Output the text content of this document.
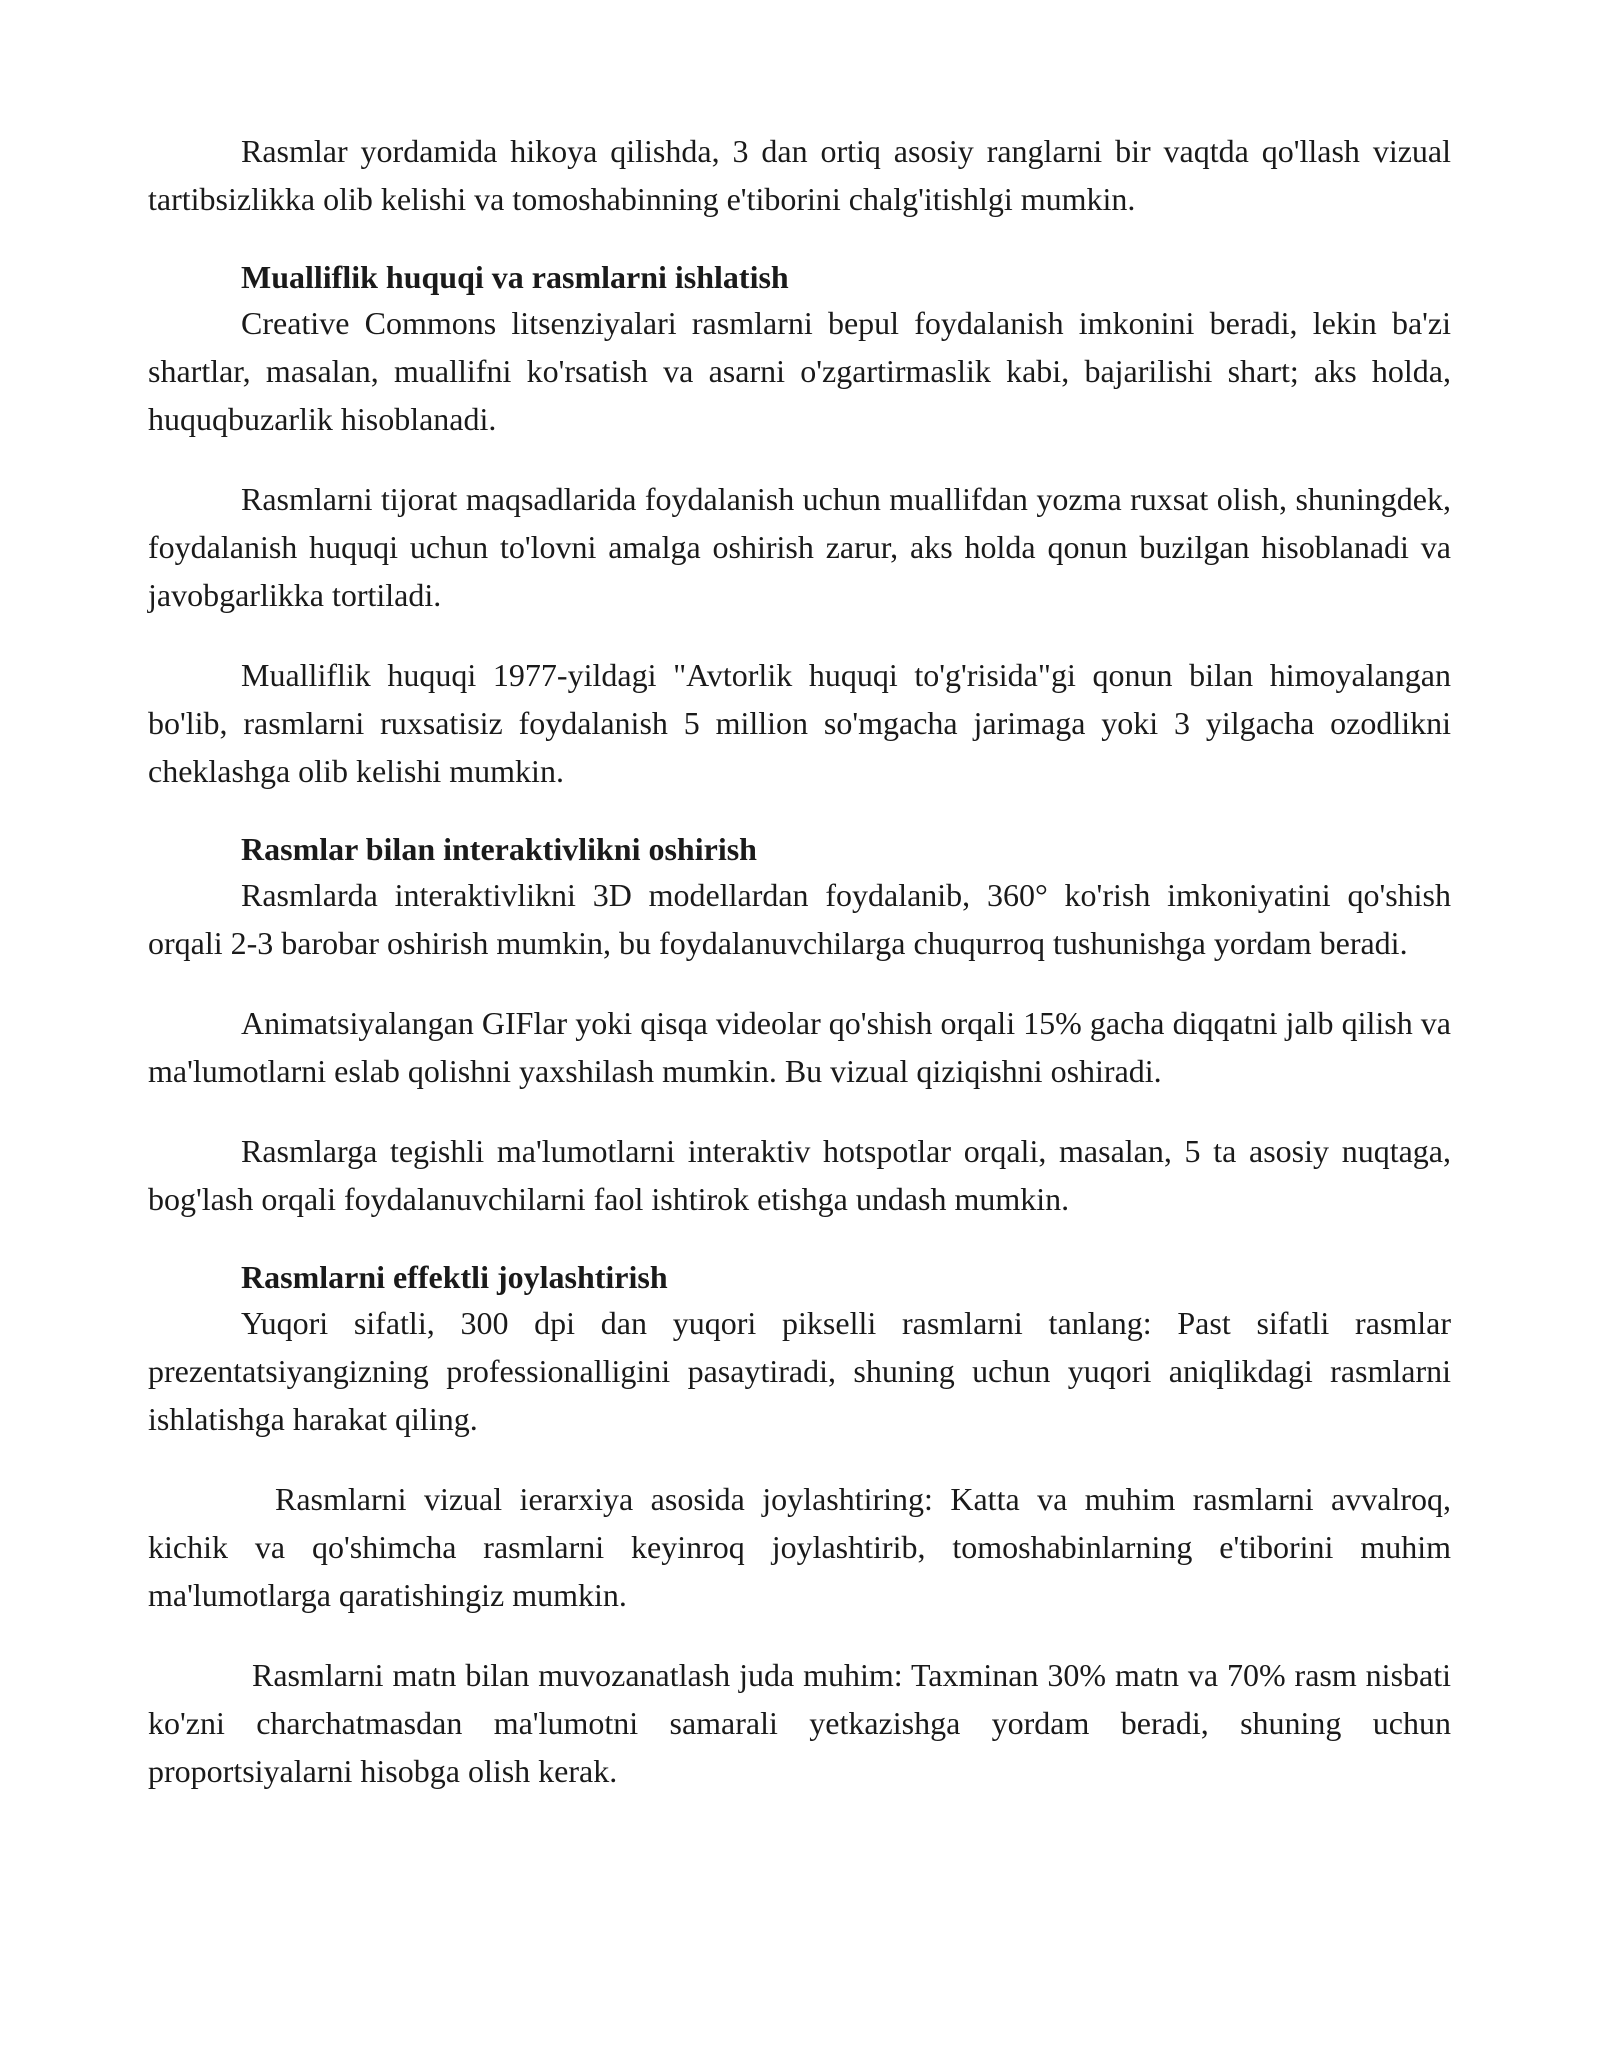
Rasmlar yordamida hikoya qilishda, 3 dan ortiq asosiy ranglarni bir vaqtda qo'llash vizual tartibsizlikka olib kelishi va tomoshabinning e'tiborini chalg'itishlgi mumkin.

Mualliflik huquqi va rasmlarni ishlatish

Creative Commons litsenziyalari rasmlarni bepul foydalanish imkonini beradi, lekin ba'zi shartlar, masalan, muallifni ko'rsatish va asarni o'zgartirmaslik kabi, bajarilishi shart; aks holda, huquqbuzarlik hisoblanadi.

Rasmlarni tijorat maqsadlarida foydalanish uchun muallifdan yozma ruxsat olish, shuningdek, foydalanish huquqi uchun to'lovni amalga oshirish zarur, aks holda qonun buzilgan hisoblanadi va javobgarlikka tortiladi.

Mualliflik huquqi 1977-yildagi "Avtorlik huquqi to'g'risida"gi qonun bilan himoyalangan bo'lib, rasmlarni ruxsatisiz foydalanish 5 million so'mgacha jarimaga yoki 3 yilgacha ozodlikni cheklashga olib kelishi mumkin.

Rasmlar bilan interaktivlikni oshirish

Rasmlarda interaktivlikni 3D modellardan foydalanib, 360° ko'rish imkoniyatini qo'shish orqali 2-3 barobar oshirish mumkin, bu foydalanuvchilarga chuqurroq tushunishga yordam beradi.

Animatsiyalangan GIFlar yoki qisqa videolar qo'shish orqali 15% gacha diqqatni jalb qilish va ma'lumotlarni eslab qolishni yaxshilash mumkin. Bu vizual qiziqishni oshiradi.

Rasmlarga tegishli ma'lumotlarni interaktiv hotspotlar orqali, masalan, 5 ta asosiy nuqtaga, bog'lash orqali foydalanuvchilarni faol ishtirok etishga undash mumkin.

Rasmlarni effektli joylashtirish

Yuqori sifatli, 300 dpi dan yuqori pikselli rasmlarni tanlang: Past sifatli rasmlar prezentatsiyangizning professionalligini pasaytiradi, shuning uchun yuqori aniqlikdagi rasmlarni ishlatishga harakat qiling.

Rasmlarni vizual ierarxiya asosida joylashtiring: Katta va muhim rasmlarni avvalroq, kichik va qo'shimcha rasmlarni keyinroq joylashtirib, tomoshabinlarning e'tiborini muhim ma'lumotlarga qaratishingiz mumkin.

Rasmlarni matn bilan muvozanatlash juda muhim: Taxminan 30% matn va 70% rasm nisbati ko'zni charchatmasdan ma'lumotni samarali yetkazishga yordam beradi, shuning uchun proportsiyalarni hisobga olish kerak.
